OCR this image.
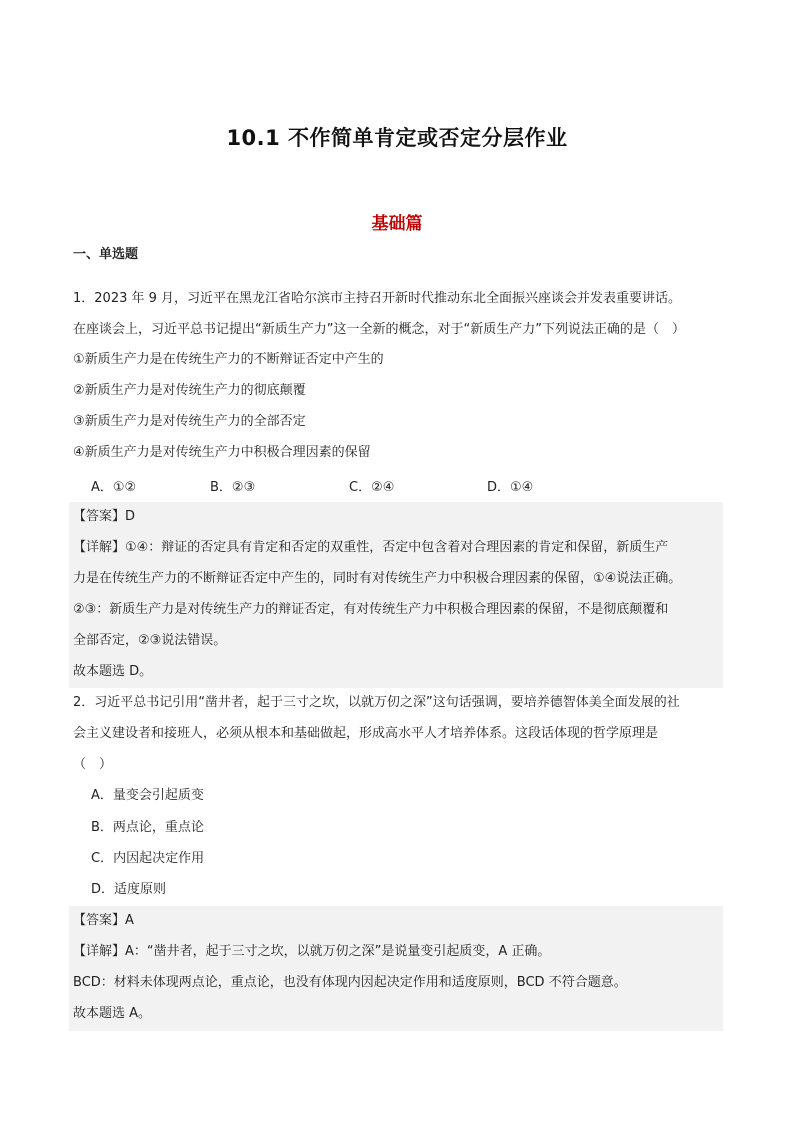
10.1 不作简单肯定或否定分层作业
基础篇
一、单选题
1．2023 年 9 月，习近平在黑龙江省哈尔滨市主持召开新时代推动东北全面振兴座谈会并发表重要讲话。
在座谈会上，习近平总书记提出“新质生产力”这一全新的概念，对于“新质生产力”下列说法正确的是（　）
①新质生产力是在传统生产力的不断辩证否定中产生的
②新质生产力是对传统生产力的彻底颠覆
③新质生产力是对传统生产力的全部否定
④新质生产力是对传统生产力中积极合理因素的保留
A．①②	B．②③	C．②④	D．①④
【答案】D
【详解】①④：辩证的否定具有肯定和否定的双重性，否定中包含着对合理因素的肯定和保留，新质生产
力是在传统生产力的不断辩证否定中产生的，同时有对传统生产力中积极合理因素的保留，①④说法正确。
②③：新质生产力是对传统生产力的辩证否定，有对传统生产力中积极合理因素的保留，不是彻底颠覆和
全部否定，②③说法错误。
故本题选 D。
2．习近平总书记引用“凿井者，起于三寸之坎，以就万仞之深”这句话强调，要培养德智体美全面发展的社
会主义建设者和接班人，必须从根本和基础做起，形成高水平人才培养体系。这段话体现的哲学原理是
（　）
A．量变会引起质变
B．两点论，重点论
C．内因起决定作用
D．适度原则
【答案】A
【详解】A：“凿井者，起于三寸之坎，以就万仞之深”是说量变引起质变，A 正确。
BCD：材料未体现两点论，重点论，也没有体现内因起决定作用和适度原则，BCD 不符合题意。
故本题选 A。
